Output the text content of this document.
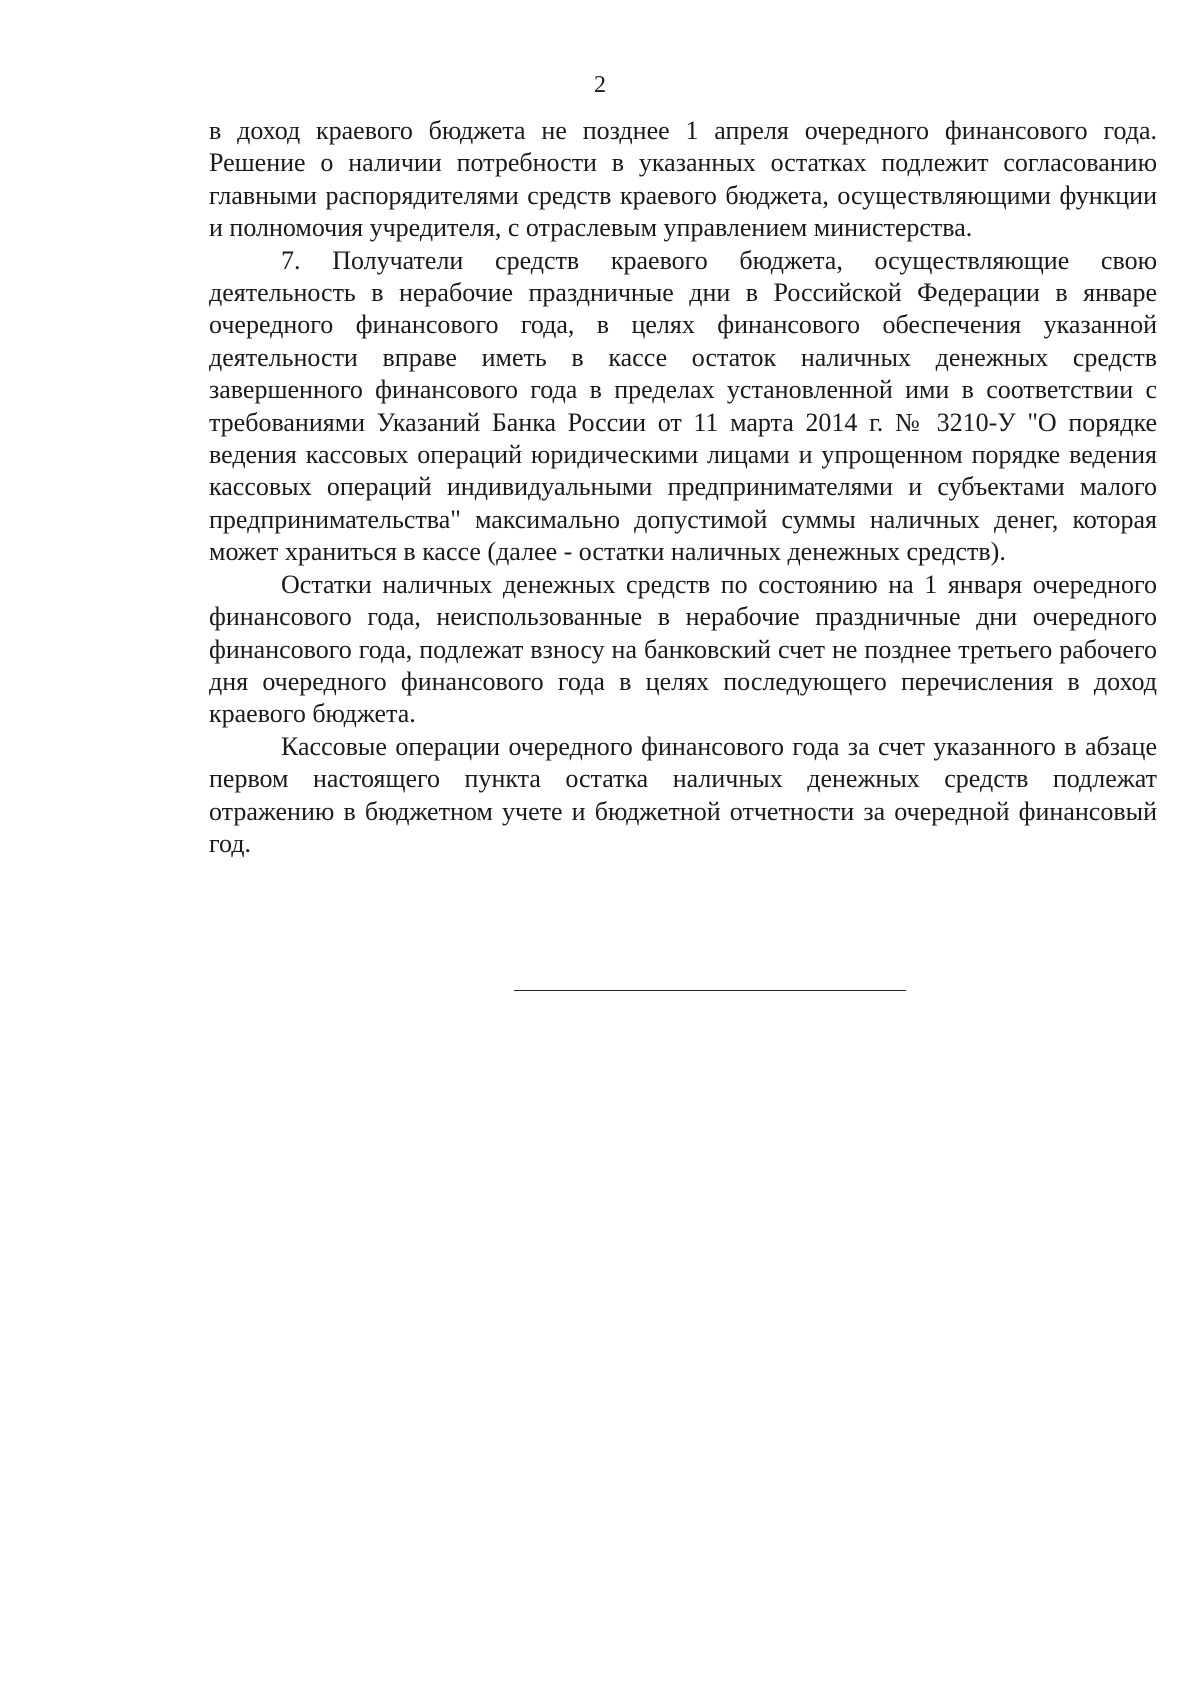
2

в доход краевого бюджета не позднее 1 апреля очередного финансового года. Решение о наличии потребности в указанных остатках подлежит согласованию главными распорядителями средств краевого бюджета, осуществляющими функции и полномочия учредителя, с отраслевым управлением министерства.

7. Получатели средств краевого бюджета, осуществляющие свою деятельность в нерабочие праздничные дни в Российской Федерации в январе очередного финансового года, в целях финансового обеспечения указанной деятельности вправе иметь в кассе остаток наличных денежных средств завершенного финансового года в пределах установленной ими в соответствии с требованиями Указаний Банка России от 11 марта 2014 г. № 3210-У "О порядке ведения кассовых операций юридическими лицами и упрощенном порядке ведения кассовых операций индивидуальными предпринимателями и субъектами малого предпринимательства" максимально допустимой суммы наличных денег, которая может храниться в кассе (далее - остатки наличных денежных средств).

Остатки наличных денежных средств по состоянию на 1 января очередного финансового года, неиспользованные в нерабочие праздничные дни очередного финансового года, подлежат взносу на банковский счет не позднее третьего рабочего дня очередного финансового года в целях последующего перечисления в доход краевого бюджета.

Кассовые операции очередного финансового года за счет указанного в абзаце первом настоящего пункта остатка наличных денежных средств подлежат отражению в бюджетном учете и бюджетной отчетности за очередной финансовый год.
